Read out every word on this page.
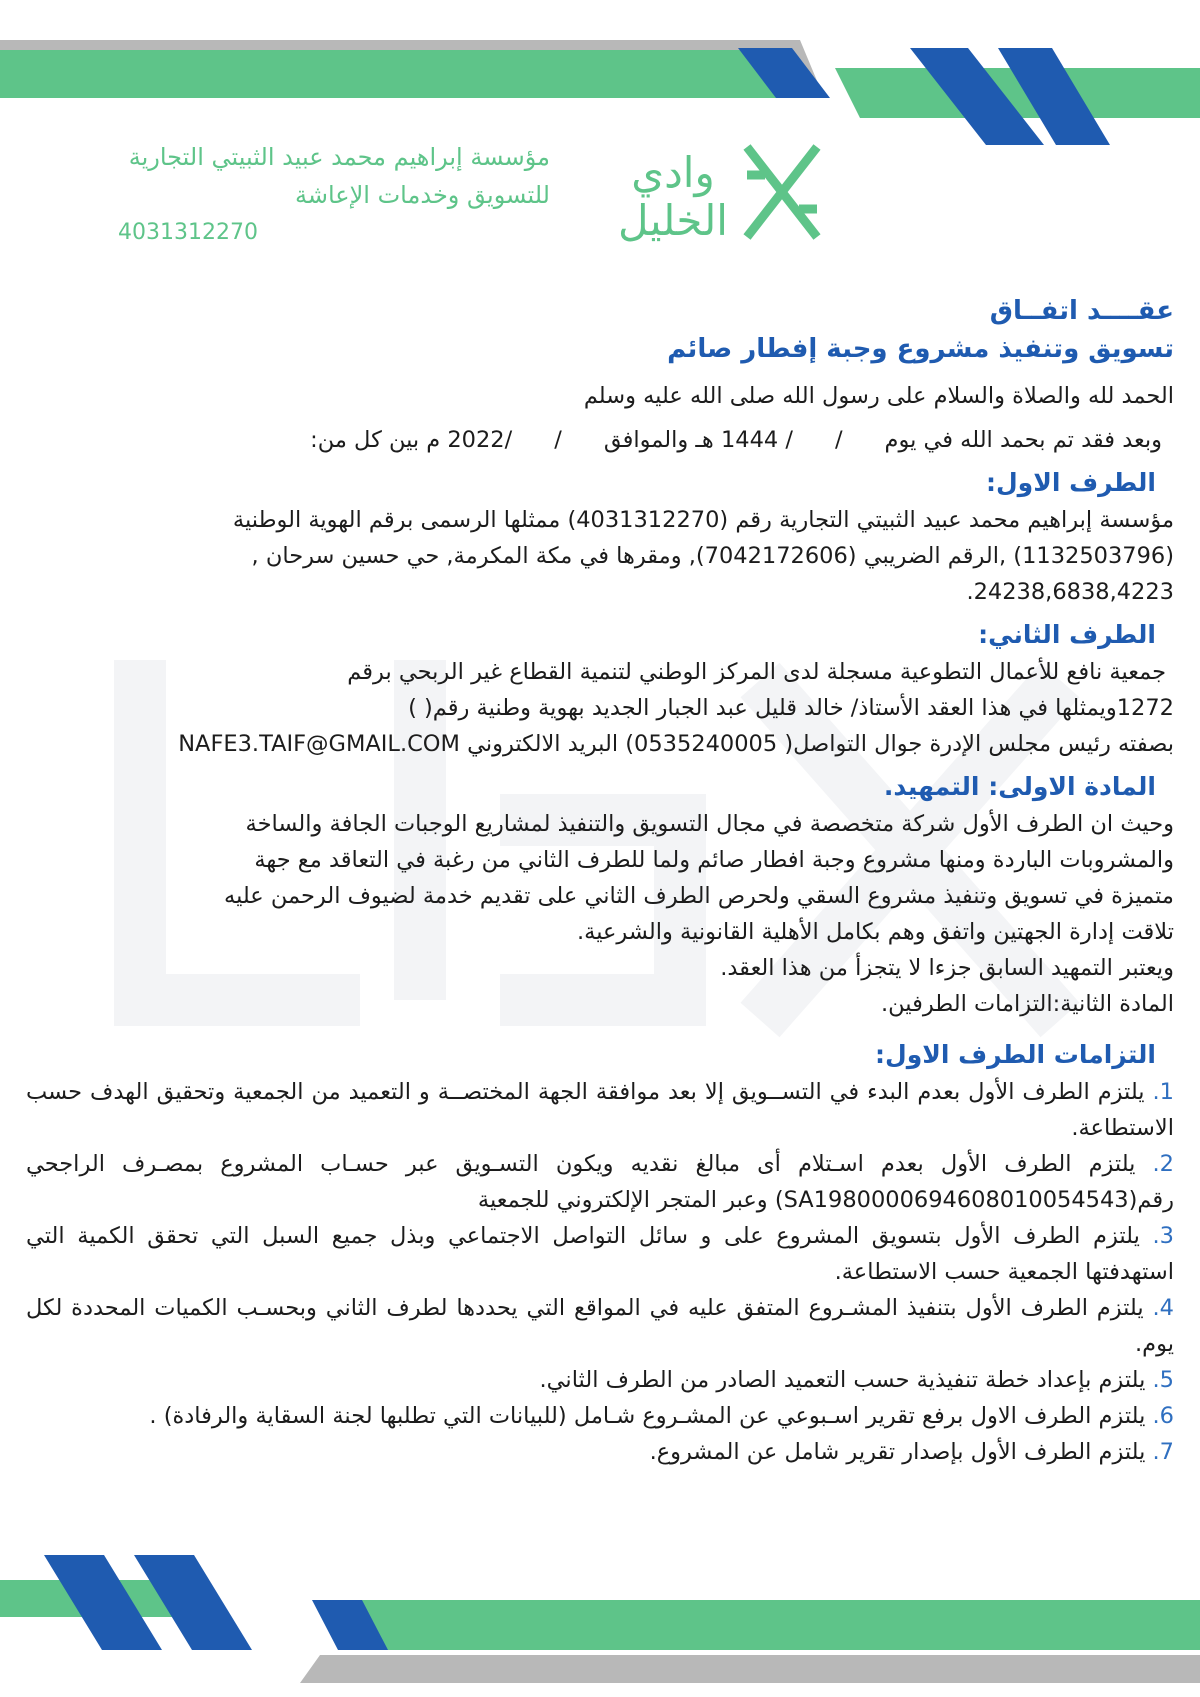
مؤسسة إبراهيم محمد عبيد الثبيتي التجارية
للتسويق وخدمات الإعاشة
4031312270
وادي
الخليل

عقــــد اتفــاق

تسويق وتنفيذ مشروع وجبة إفطار صائم

الحمد لله والصلاة والسلام على رسول الله صلى الله عليه وسلم

وبعد فقد تم بحمد الله في يوم// 1444 هـ والموافق//2022 م بين كل من:

الطرف الاول:

مؤسسة إبراهيم محمد عبيد الثبيتي التجارية رقم (4031312270) ممثلها الرسمى برقم الهوية الوطنية

(1132503796) ,الرقم الضريبي (7042172606), ومقرها في مكة المكرمة, حي حسين سرحان ,

24238,6838,4223.

الطرف الثاني:

جمعية نافع للأعمال التطوعية مسجلة لدى المركز الوطني لتنمية القطاع غير الربحي برقم

1272ويمثلها في هذا العقد الأستاذ/ خالد قليل عبد الجبار الجديد بهوية وطنية رقم( )

بصفته رئيس مجلس الإدرة جوال التواصل( 0535240005) البريد الالكتروني NAFE3.TAIF@GMAIL.COM

المادة الاولى: التمهيد.

وحيث ان الطرف الأول شركة متخصصة في مجال التسويق والتنفيذ لمشاريع الوجبات الجافة والساخة

والمشروبات الباردة ومنها مشروع وجبة افطار صائم ولما للطرف الثاني من رغبة في التعاقد مع جهة

متميزة في تسويق وتنفيذ مشروع السقي ولحرص الطرف الثاني على تقديم خدمة لضيوف الرحمن عليه

تلاقت إدارة الجهتين واتفق وهم بكامل الأهلية القانونية والشرعية.

ويعتبر التمهيد السابق جزءا لا يتجزأ من هذا العقد.

المادة الثانية:التزامات الطرفين.

التزامات الطرف الاول:

1. يلتزم الطرف الأول بعدم البدء في التســويق إلا بعد موافقة الجهة المختصــة و التعميد من الجمعية وتحقيق الهدف حسب الاستطاعة.

2. يلتزم الطرف الأول بعدم اسـتلام أى مبالغ نقديه ويكون التسـويق عبر حسـاب المشروع بمصـرف الراجحي رقم(SA1980000694608010054543) وعبر المتجر الإلكتروني للجمعية

3. يلتزم الطرف الأول بتسويق المشروع على و سائل التواصل الاجتماعي وبذل جميع السبل التي تحقق الكمية التي استهدفتها الجمعية حسب الاستطاعة.

4. يلتزم الطرف الأول بتنفيذ المشـروع المتفق عليه في المواقع التي يحددها لطرف الثاني وبحسـب الكميات المحددة لكل يوم.

5. يلتزم بإعداد خطة تنفيذية حسب التعميد الصادر من الطرف الثاني.

6. يلتزم الطرف الاول برفع تقرير اسـبوعي عن المشـروع شـامل (للبيانات التي تطلبها لجنة السقاية والرفادة) .

7. يلتزم الطرف الأول بإصدار تقرير شامل عن المشروع.
